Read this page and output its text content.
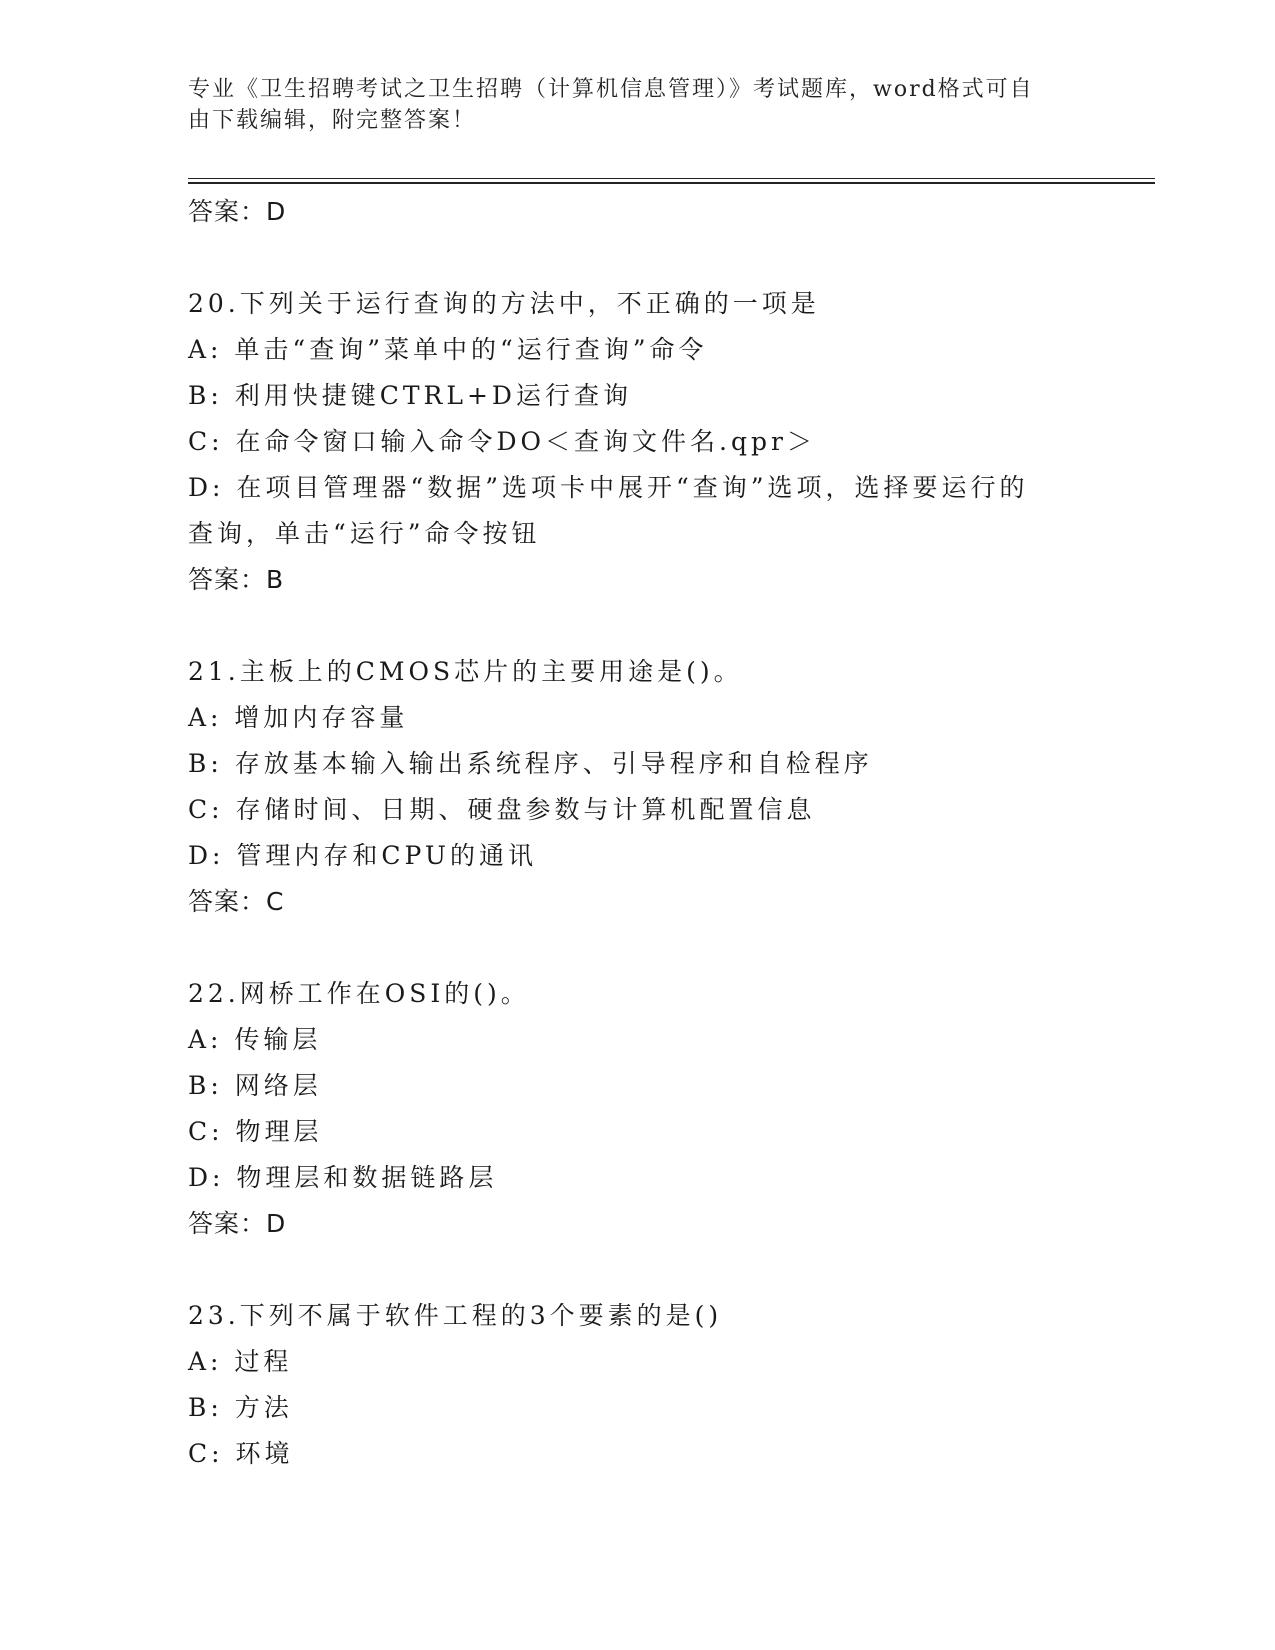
专业《卫生招聘考试之卫生招聘（计算机信息管理）》考试题库，word格式可自
由下载编辑，附完整答案！
答案：D
20.下列关于运行查询的方法中，不正确的一项是
A: 单击“查询”菜单中的“运行查询”命令
B: 利用快捷键CTRL+D运行查询
C: 在命令窗口输入命令DO＜查询文件名.qpr＞
D: 在项目管理器“数据”选项卡中展开“查询”选项，选择要运行的
查询，单击“运行”命令按钮
答案：B
21.主板上的CMOS芯片的主要用途是()。
A: 增加内存容量
B: 存放基本输入输出系统程序、引导程序和自检程序
C: 存储时间、日期、硬盘参数与计算机配置信息
D: 管理内存和CPU的通讯
答案：C
22.网桥工作在OSI的()。
A: 传输层
B: 网络层
C: 物理层
D: 物理层和数据链路层
答案：D
23.下列不属于软件工程的3个要素的是()
A: 过程
B: 方法
C: 环境
